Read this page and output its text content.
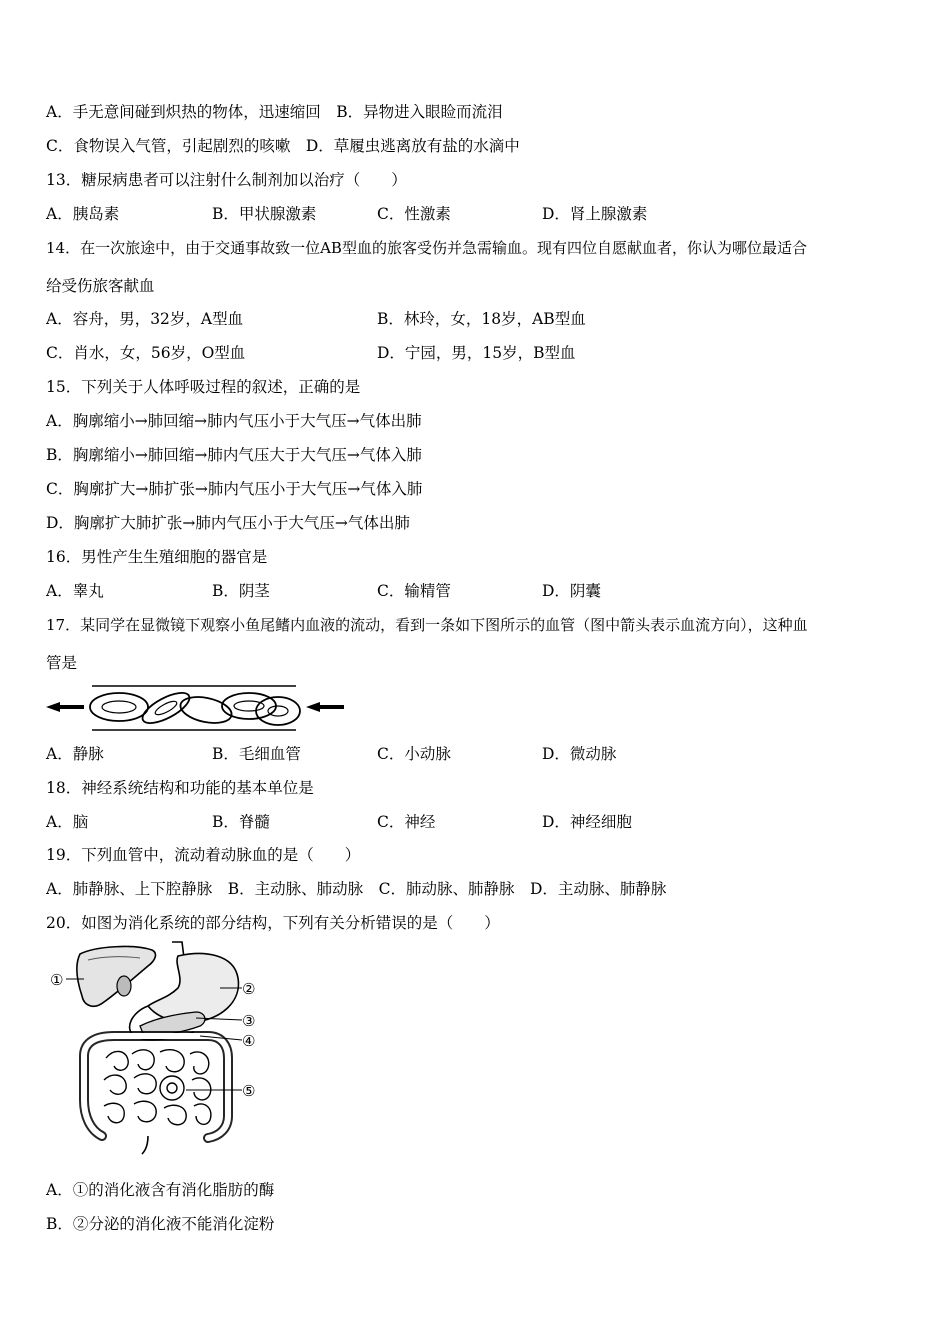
A．手无意间碰到炽热的物体，迅速缩回　B．异物进入眼睑而流泪
C．食物误入气管，引起剧烈的咳嗽　D．草履虫逃离放有盐的水滴中
13．糖尿病患者可以注射什么制剂加以治疗（　　）
A．胰岛素	B．甲状腺激素	C．性激素	D．肾上腺激素
14．在一次旅途中，由于交通事故致一位AB型血的旅客受伤并急需输血。现有四位自愿献血者，你认为哪位最适合
给受伤旅客献血
A．容舟，男，32岁，A型血	B．林玲，女，18岁，AB型血
C．肖水，女，56岁，O型血	D．宁园，男，15岁，B型血
15．下列关于人体呼吸过程的叙述，正确的是
A．胸廓缩小→肺回缩→肺内气压小于大气压→气体出肺
B．胸廓缩小→肺回缩→肺内气压大于大气压→气体入肺
C．胸廓扩大→肺扩张→肺内气压小于大气压→气体入肺
D．胸廓扩大肺扩张→肺内气压小于大气压→气体出肺
16．男性产生生殖细胞的器官是
A．睾丸	B．阴茎	C．输精管	D．阴囊
17．某同学在显微镜下观察小鱼尾鳍内血液的流动，看到一条如下图所示的血管（图中箭头表示血流方向），这种血
管是
A．静脉	B．毛细血管	C．小动脉	D．微动脉
18．神经系统结构和功能的基本单位是
A．脑	B．脊髓	C．神经	D．神经细胞
19．下列血管中，流动着动脉血的是（　　）
A．肺静脉、上下腔静脉　B．主动脉、肺动脉　C．肺动脉、肺静脉　D．主动脉、肺静脉
20．如图为消化系统的部分结构，下列有关分析错误的是（　　）
①	②
③
④
⑤
A．①的消化液含有消化脂肪的酶
B．②分泌的消化液不能消化淀粉
